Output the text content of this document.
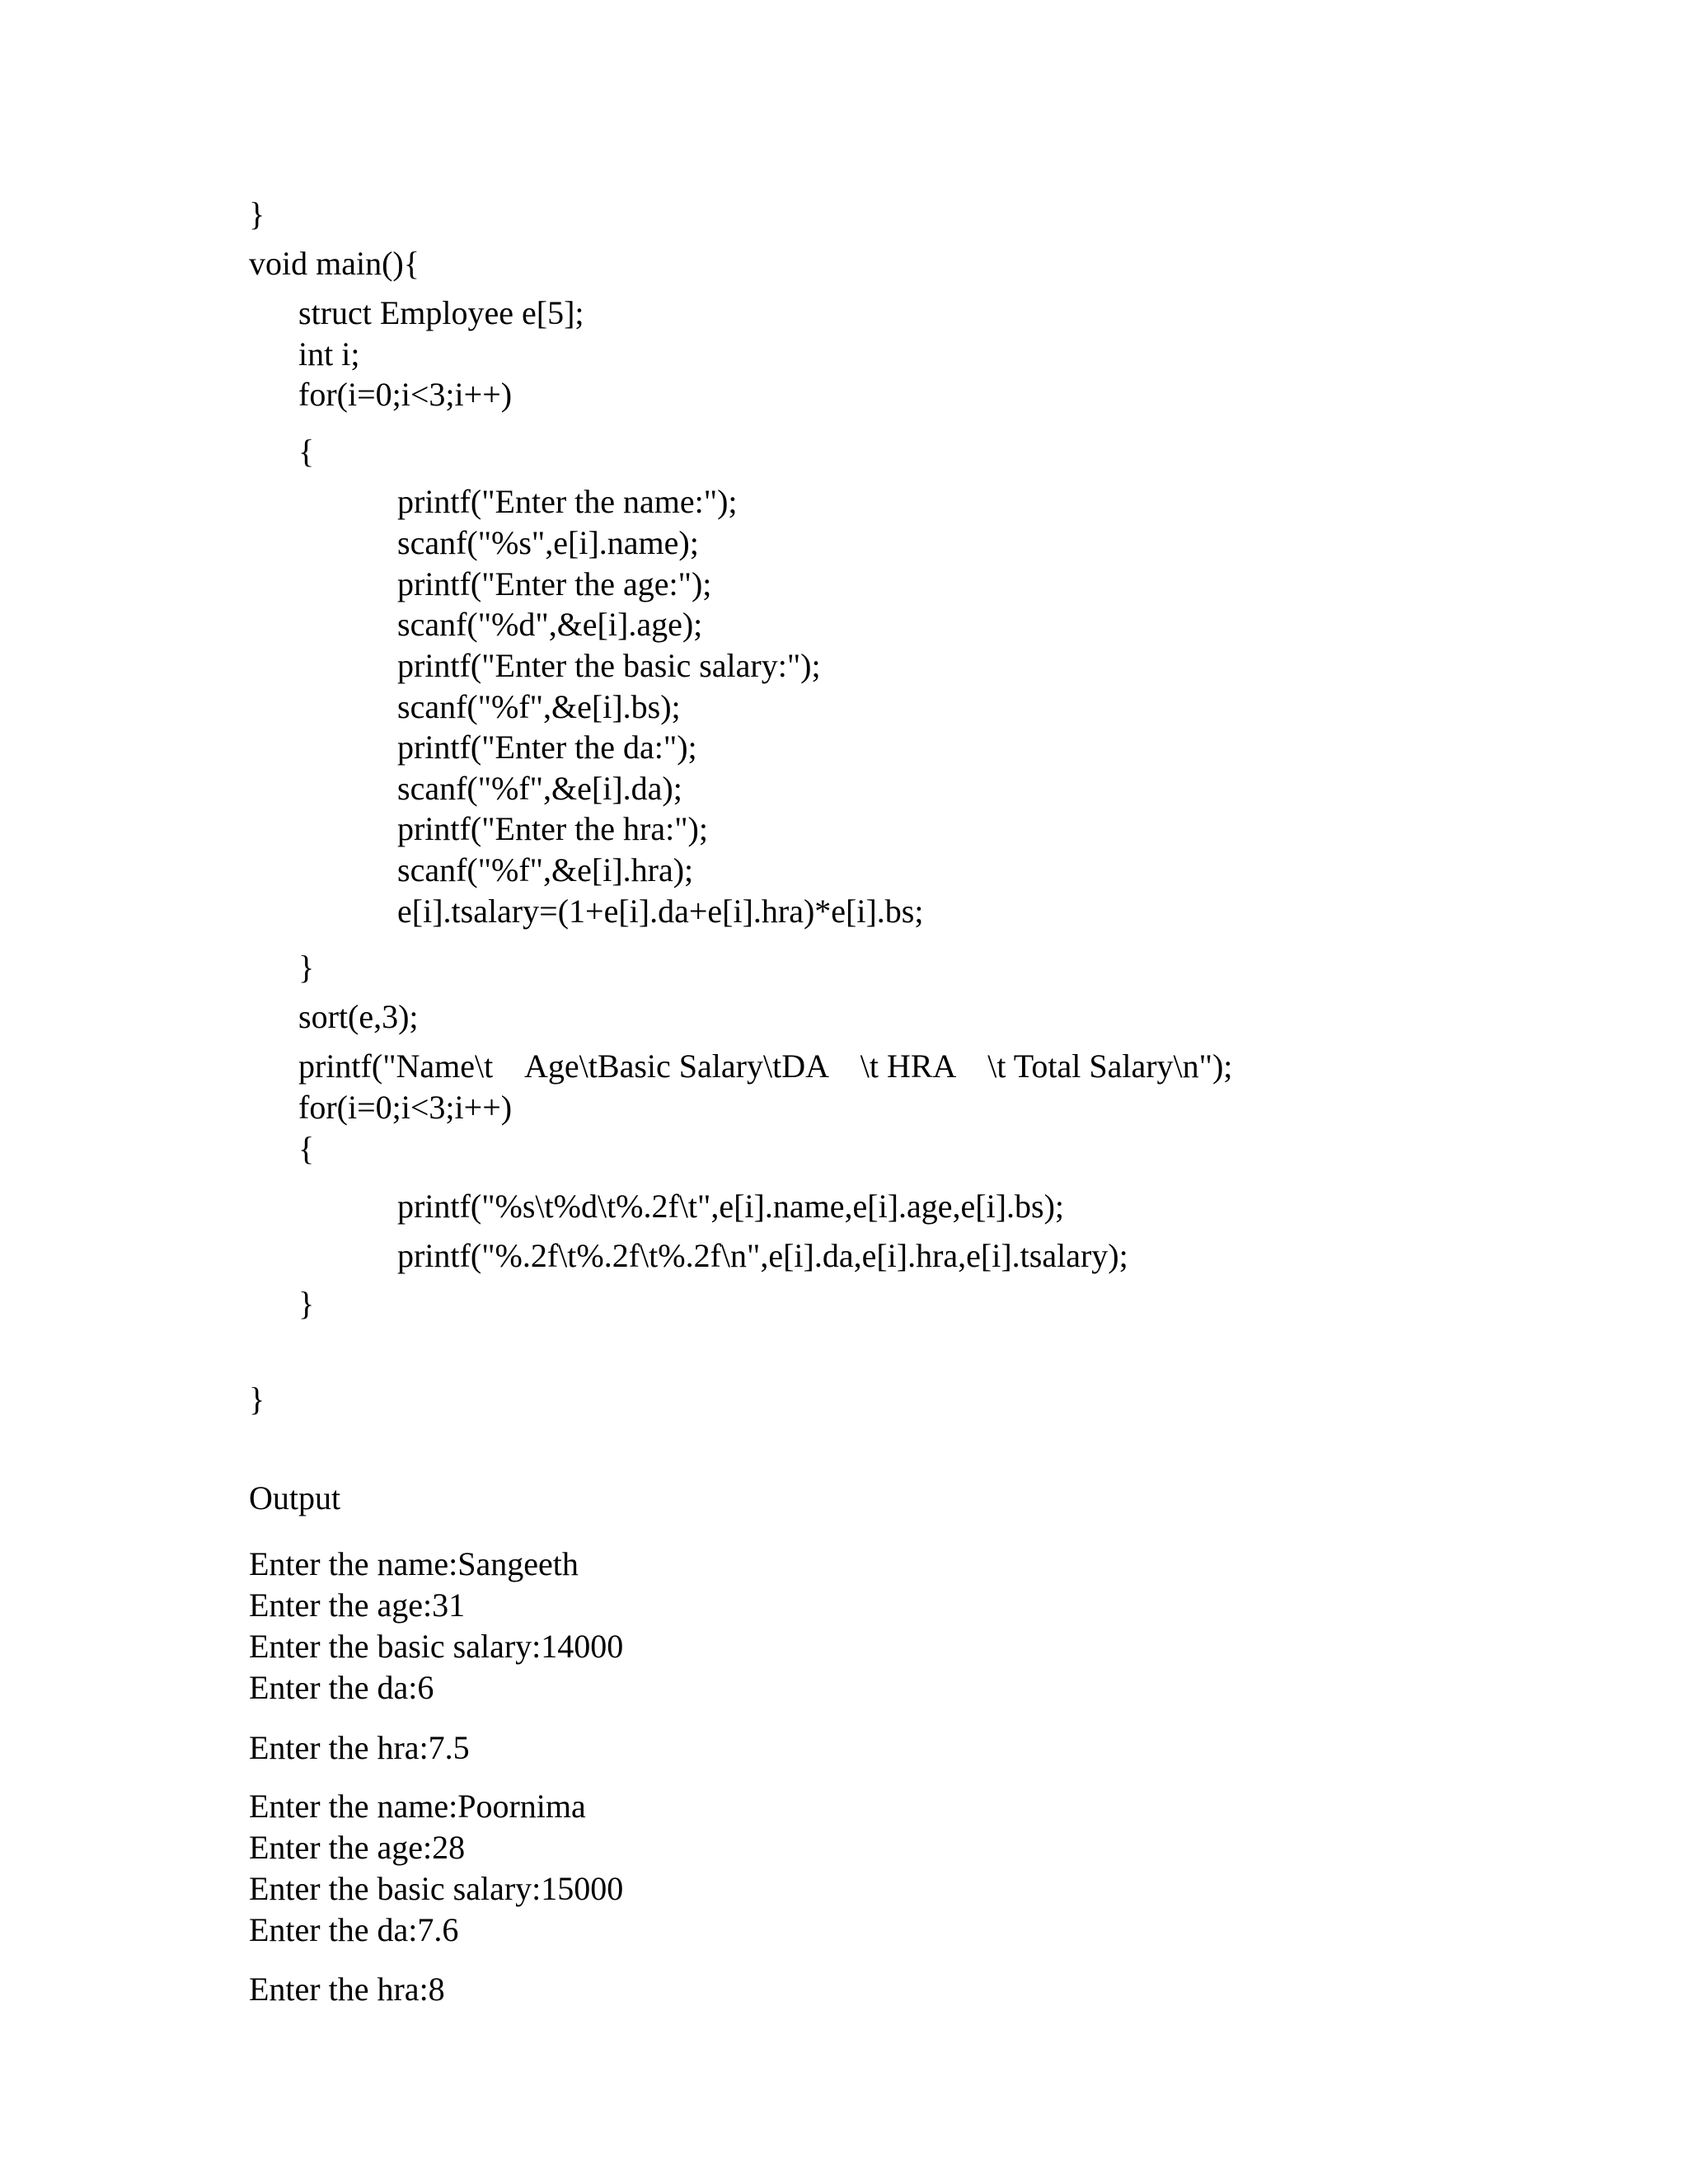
}

void main(){

struct Employee e[5];

int i;

for(i=0;i<3;i++)

{

printf("Enter the name:");

scanf("%s",e[i].name);

printf("Enter the age:");

scanf("%d",&e[i].age);

printf("Enter the basic salary:");

scanf("%f",&e[i].bs);

printf("Enter the da:");

scanf("%f",&e[i].da);

printf("Enter the hra:");

scanf("%f",&e[i].hra);

e[i].tsalary=(1+e[i].da+e[i].hra)*e[i].bs;

}

sort(e,3);

printf("Name\t    Age\tBasic Salary\tDA    \t HRA    \t Total Salary\n");

for(i=0;i<3;i++)

{

printf("%s\t%d\t%.2f\t",e[i].name,e[i].age,e[i].bs);

printf("%.2f\t%.2f\t%.2f\n",e[i].da,e[i].hra,e[i].tsalary);

}

}

Output

Enter the name:Sangeeth

Enter the age:31

Enter the basic salary:14000

Enter the da:6

Enter the hra:7.5

Enter the name:Poornima

Enter the age:28

Enter the basic salary:15000

Enter the da:7.6

Enter the hra:8
